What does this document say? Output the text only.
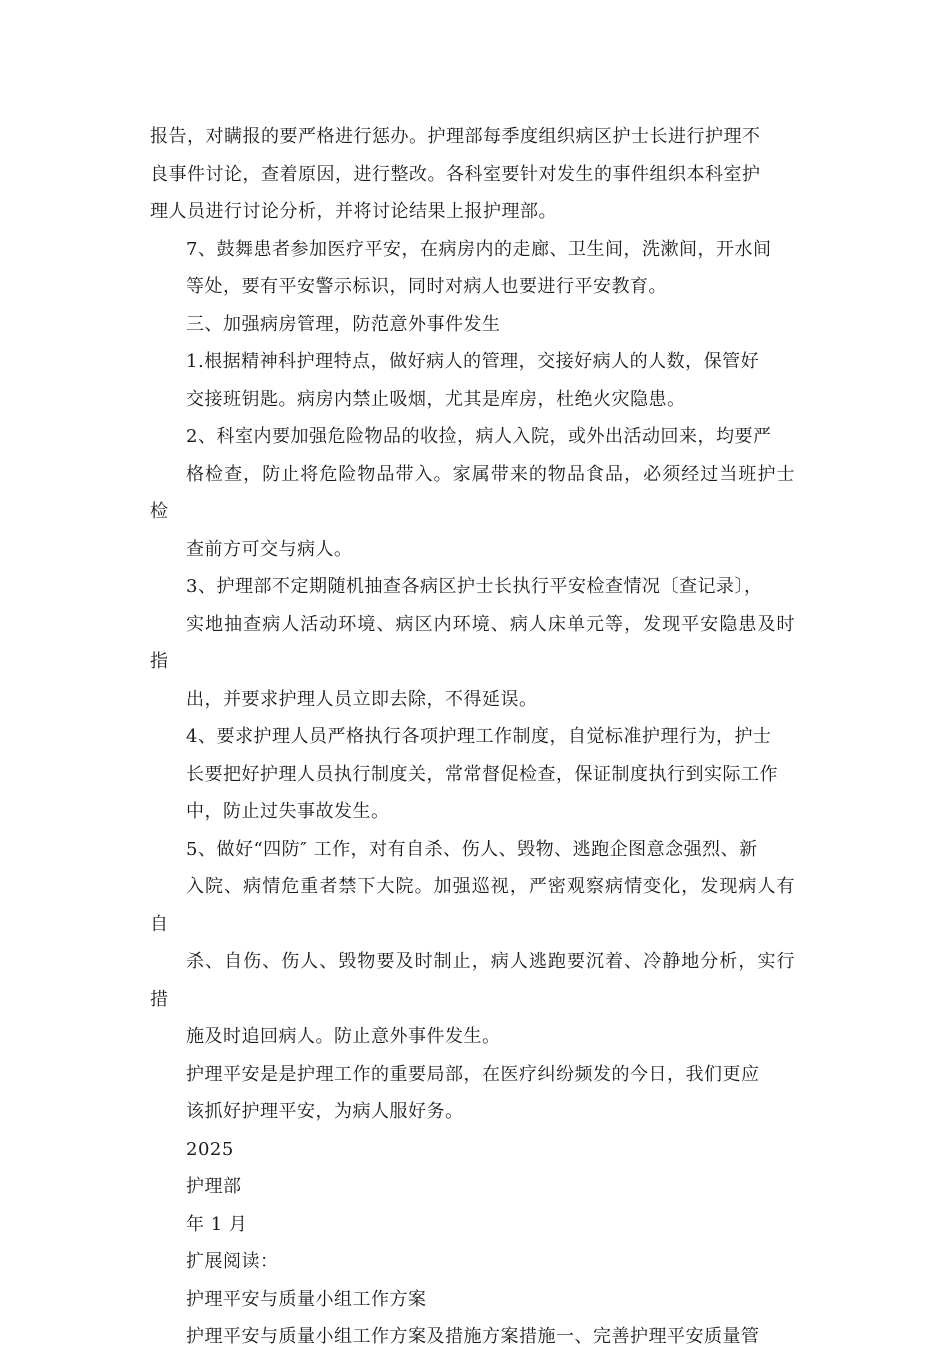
报告，对瞒报的要严格进行惩办。护理部每季度组织病区护士长进行护理不
良事件讨论，查着原因，进行整改。各科室要针对发生的事件组织本科室护
理人员进行讨论分析，并将讨论结果上报护理部。

7、鼓舞患者参加医疗平安，在病房内的走廊、卫生间，洗漱间，开水间
等处，要有平安警示标识，同时对病人也要进行平安教育。

三、加强病房管理，防范意外事件发生

1.根据精神科护理特点，做好病人的管理，交接好病人的人数，保管好
交接班钥匙。病房内禁止吸烟，尤其是库房，杜绝火灾隐患。

2、科室内要加强危险物品的收捡，病人入院，或外出活动回来，均要严
格检查，防止将危险物品带入。家属带来的物品食品，必须经过当班护士检
查前方可交与病人。

3、护理部不定期随机抽查各病区护士长执行平安检查情况〔查记录〕，
实地抽查病人活动环境、病区内环境、病人床单元等，发现平安隐患及时指
出，并要求护理人员立即去除，不得延误。

4、要求护理人员严格执行各项护理工作制度，自觉标准护理行为，护士
长要把好护理人员执行制度关，常常督促检查，保证制度执行到实际工作
中，防止过失事故发生。

5、做好“四防″ 工作，对有自杀、伤人、毁物、逃跑企图意念强烈、新
入院、病情危重者禁下大院。加强巡视，严密观察病情变化，发现病人有自
杀、自伤、伤人、毁物要及时制止，病人逃跑要沉着、冷静地分析，实行措
施及时追回病人。防止意外事件发生。

护理平安是是护理工作的重要局部，在医疗纠纷频发的今日，我们更应
该抓好护理平安，为病人服好务。

2025

护理部

年 1 月

扩展阅读：

护理平安与质量小组工作方案

护理平安与质量小组工作方案及措施方案措施一、完善护理平安质量管
